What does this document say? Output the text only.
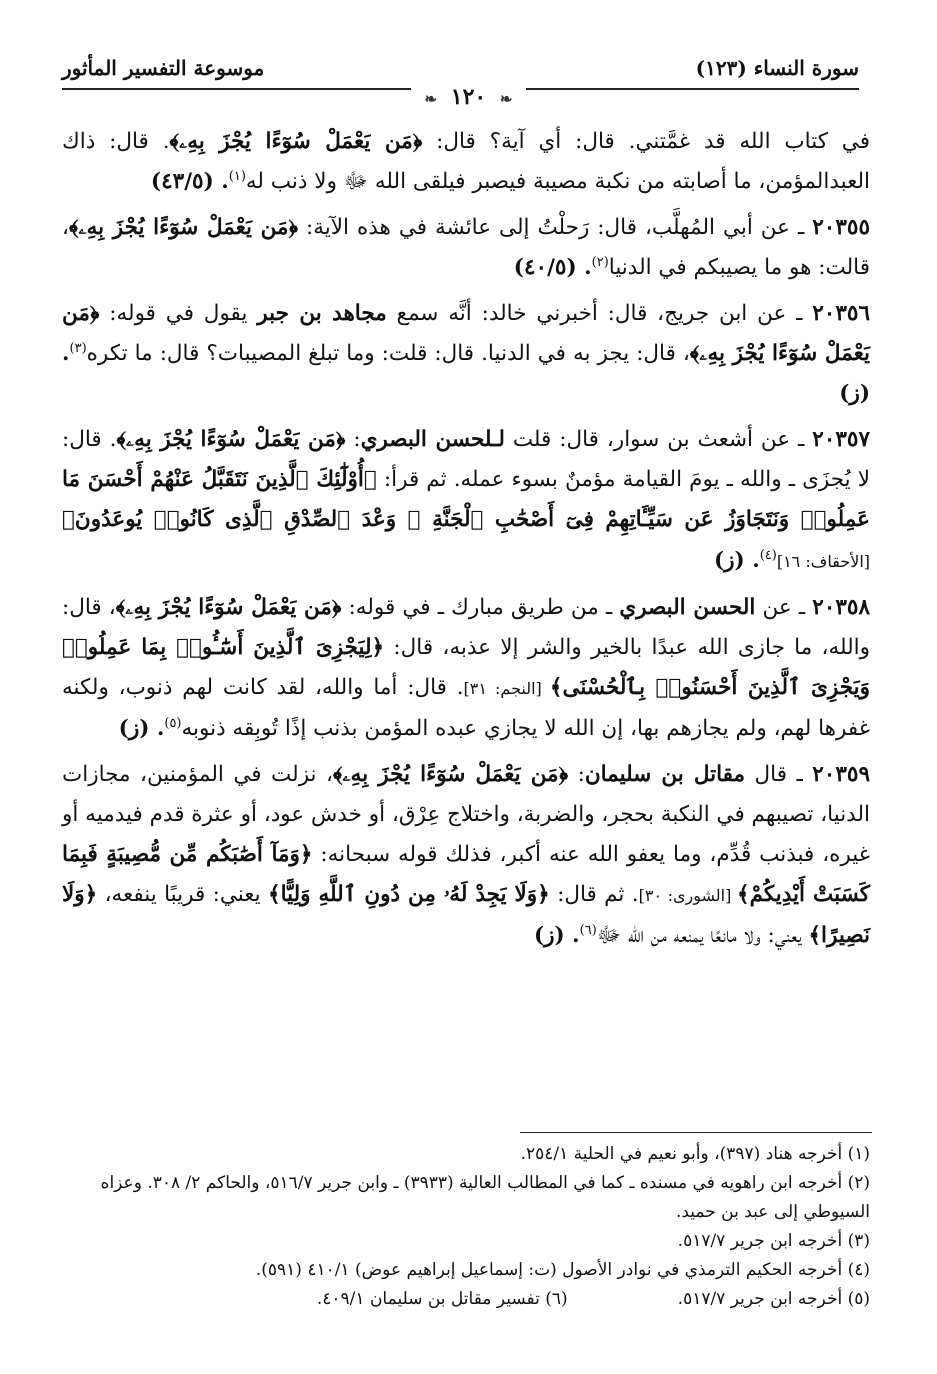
سورة النساء (١٢٣)
موسوعة التفسير المأثور
❧ ١٢٠ ❧

في كتاب الله قد غمَّتني. قال: أي آية؟ قال: ﴿مَن يَعْمَلْ سُوٓءًا يُجْزَ بِهِۦ﴾. قال: ذاك العبدالمؤمن، ما أصابته من نكبة مصيبة فيصبر فيلقى الله ﷻ ولا ذنب له$^{(١)}$. (٤٣/٥)

٢٠٣٥٥ ـ عن أبي المُهلَّب، قال: رَحلْتُ إلى عائشة في هذه الآية: ﴿مَن يَعْمَلْ سُوٓءًا يُجْزَ بِهِۦ﴾، قالت: هو ما يصيبكم في الدنيا$^{(٢)}$. (٤٠/٥)

٢٠٣٥٦ ـ عن ابن جريج، قال: أخبرني خالد: أنَّه سمع مجاهد بن جبر يقول في قوله: ﴿مَن يَعْمَلْ سُوٓءًا يُجْزَ بِهِۦ﴾، قال: يجز به في الدنيا. قال: قلت: وما تبلغ المصيبات؟ قال: ما تكره$^{(٣)}$. (ز)

٢٠٣٥٧ ـ عن أشعث بن سوار، قال: قلت لـلحسن البصري: ﴿مَن يَعْمَلْ سُوٓءًا يُجْزَ بِهِۦ﴾. قال: لا يُجزَى ـ والله ـ يومَ القيامة مؤمنٌ بسوء عمله. ثم قرأ: ﴿أُوْلَٰٓئِكَ ٱلَّذِينَ نَتَقَبَّلُ عَنْهُمْ أَحْسَنَ مَا عَمِلُوا۟ وَنَتَجَاوَزُ عَن سَيِّـَٔاتِهِمْ فِىٓ أَصْحَٰبِ ٱلْجَنَّةِ ۖ وَعْدَ ٱلصِّدْقِ ٱلَّذِى كَانُوا۟ يُوعَدُونَ﴾ [الأحقاف: ١٦]$^{(٤)}$. (ز)

٢٠٣٥٨ ـ عن الحسن البصري ـ من طريق مبارك ـ في قوله: ﴿مَن يَعْمَلْ سُوٓءًا يُجْزَ بِهِۦ﴾، قال: والله، ما جازى الله عبدًا بالخير والشر إلا عذبه، قال: ﴿لِيَجْزِىَ ٱلَّذِينَ أَسَٰٓـُٔوا۟ بِمَا عَمِلُوا۟ وَيَجْزِىَ ٱلَّذِينَ أَحْسَنُوا۟ بِٱلْحُسْنَى﴾ [النجم: ٣١]. قال: أما والله، لقد كانت لهم ذنوب، ولكنه غفرها لهم، ولم يجازهم بها، إن الله لا يجازي عبده المؤمن بذنب إذًا تُوبِقه ذنوبه$^{(٥)}$. (ز)

٢٠٣٥٩ ـ قال مقاتل بن سليمان: ﴿مَن يَعْمَلْ سُوٓءًا يُجْزَ بِهِۦ﴾، نزلت في المؤمنين، مجازات الدنيا، تصيبهم في النكبة بحجر، والضربة، واختلاج عِرْق، أو خدش عود، أو عثرة قدم فيدميه أو غيره، فبذنب قُدِّم، وما يعفو الله عنه أكبر، فذلك قوله سبحانه: ﴿وَمَآ أَصَٰبَكُم مِّن مُّصِيبَةٍ فَبِمَا كَسَبَتْ أَيْدِيكُمْ﴾ [الشورى: ٣٠]. ثم قال: ﴿وَلَا يَجِدْ لَهُۥ مِن دُونِ ٱللَّهِ وَلِيًّا﴾ يعني: قريبًا ينفعه، ﴿وَلَا نَصِيرًا﴾ يعني: ولا مانعًا يمنعه من الله ﷻ$^{(٦)}$. (ز)

(١) أخرجه هناد (٣٩٧)، وأبو نعيم في الحلية ٢٥٤/١.

(٢) أخرجه ابن راهويه في مسنده ـ كما في المطالب العالية (٣٩٣٣) ـ وابن جرير ٥١٦/٧، والحاكم ٢/ ٣٠٨. وعزاه السيوطي إلى عبد بن حميد.

(٣) أخرجه ابن جرير ٥١٧/٧.

(٤) أخرجه الحكيم الترمذي في نوادر الأصول (ت: إسماعيل إبراهيم عوض) ٤١٠/١ (٥٩١).

(٥) أخرجه ابن جرير ٥١٧/٧.
(٦) تفسير مقاتل بن سليمان ٤٠٩/١.
